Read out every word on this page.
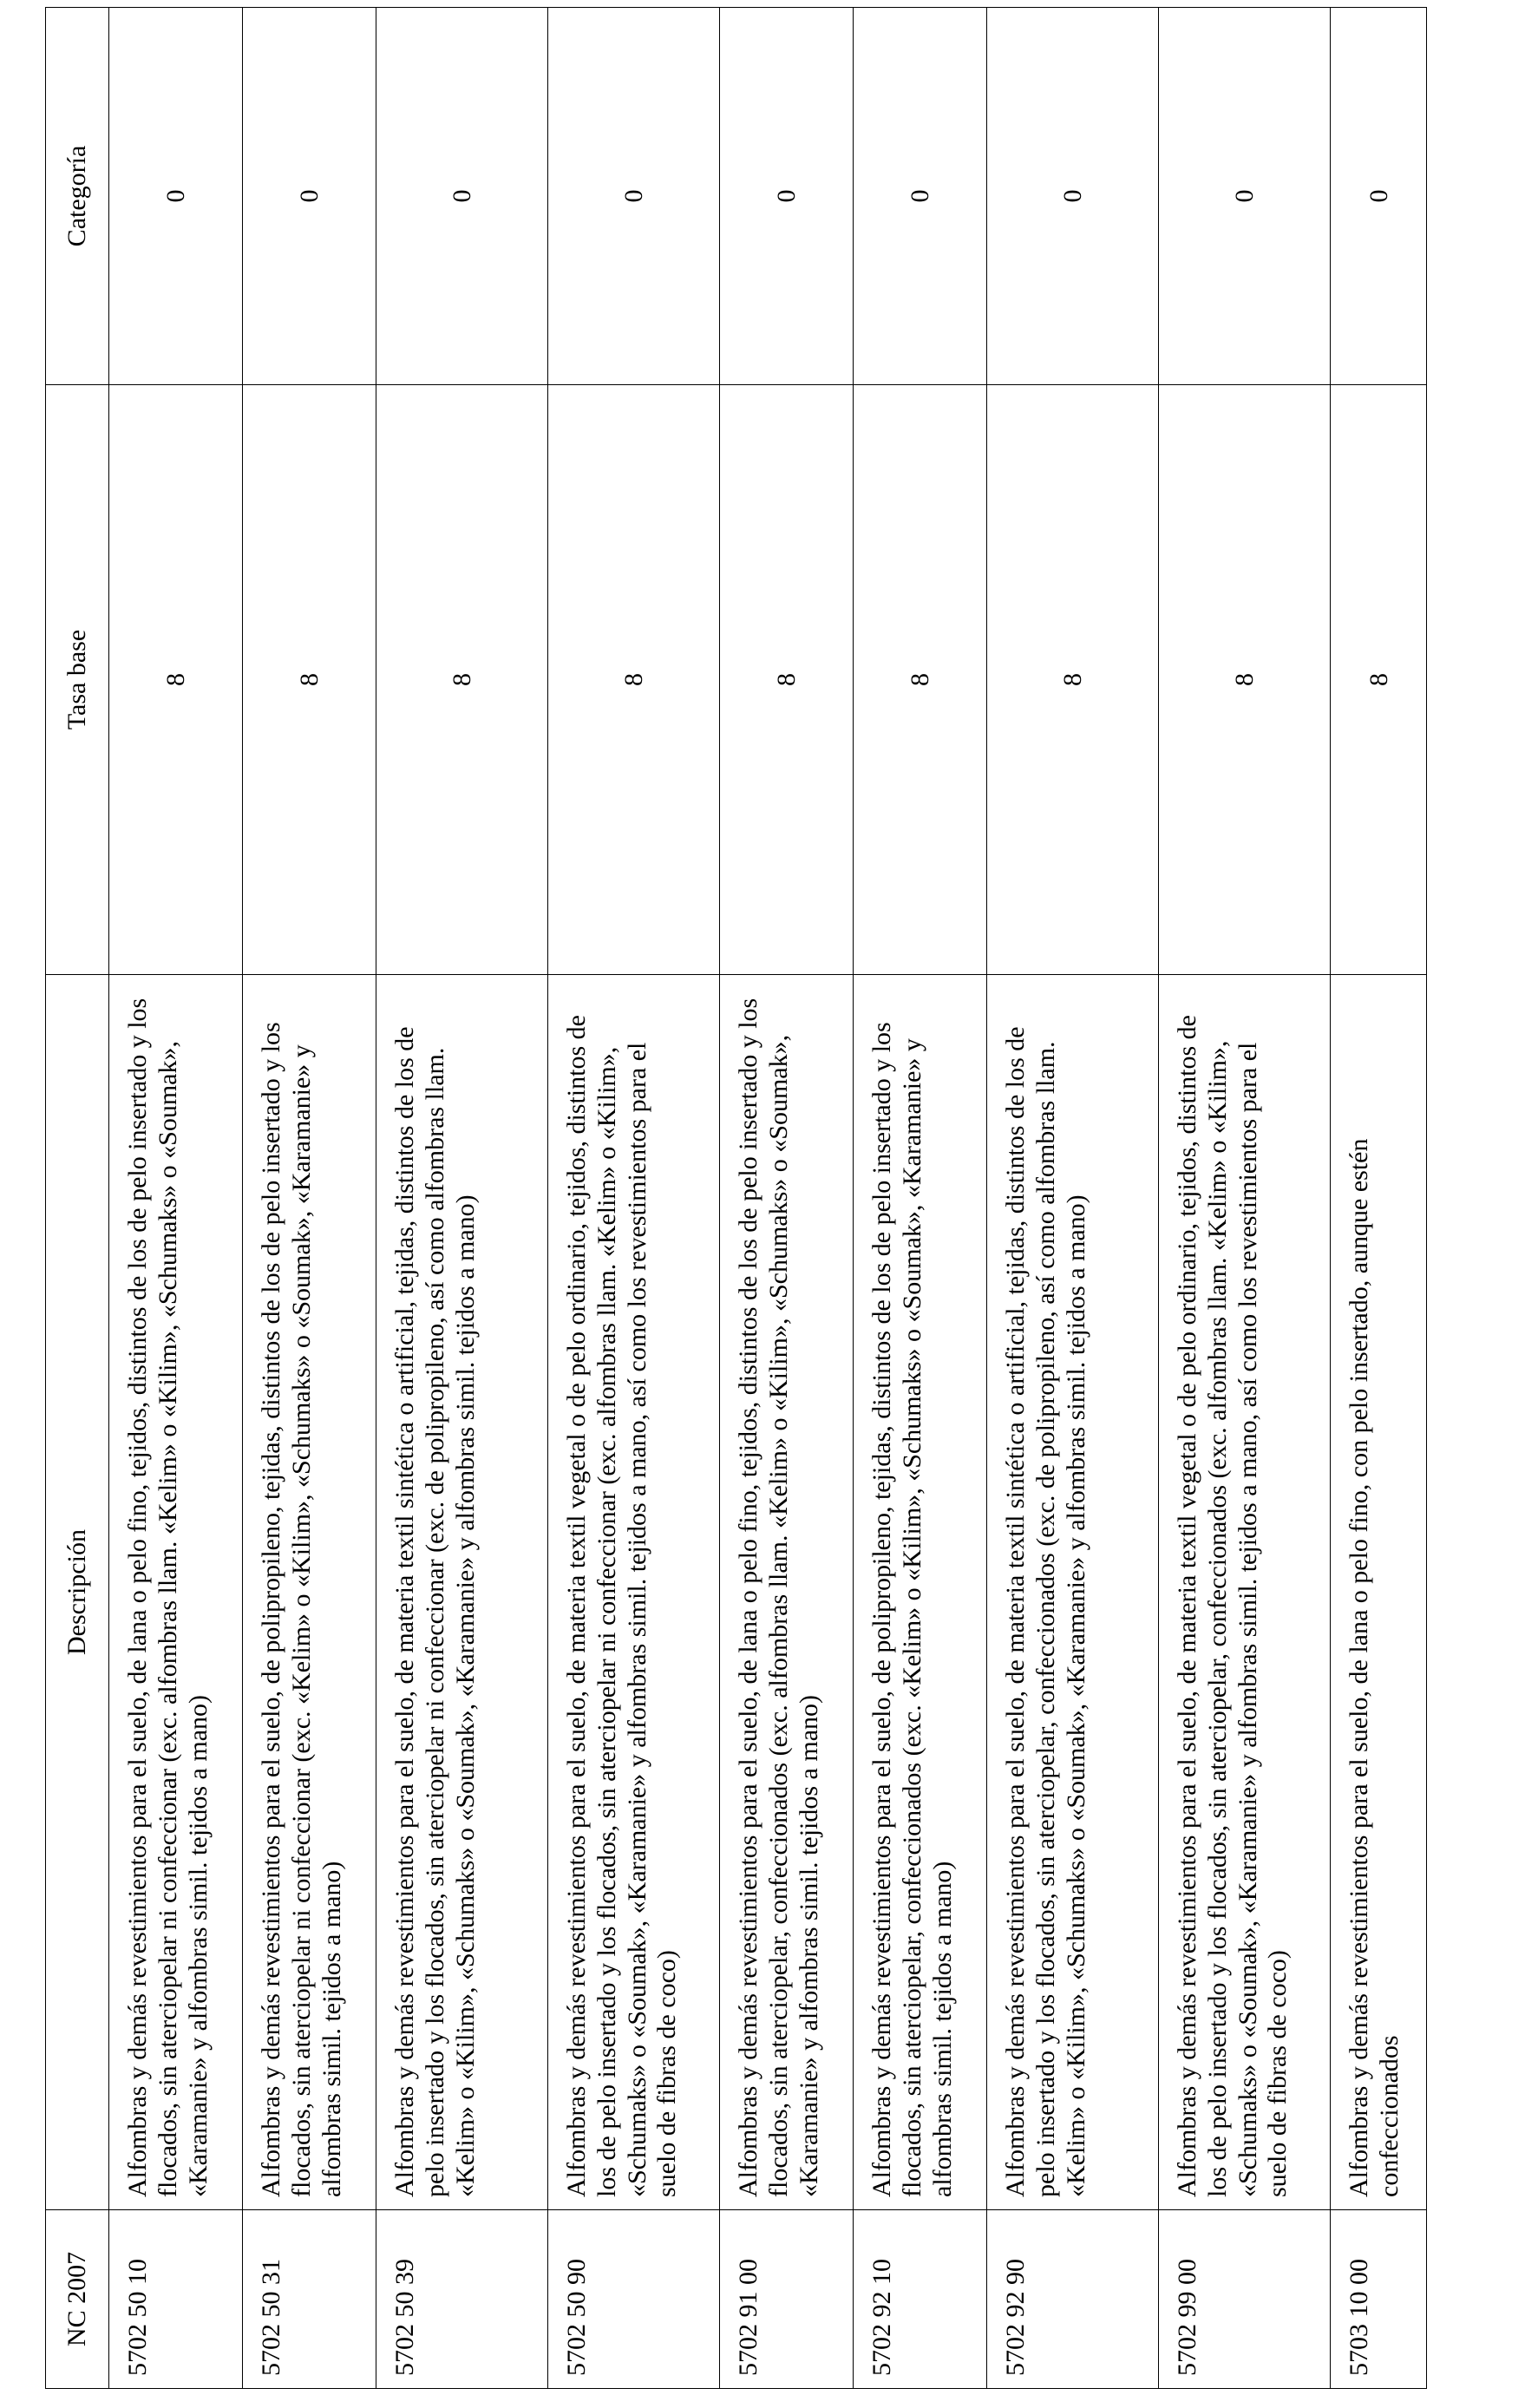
NC 2007	Descripción	Tasa base	Categoría
5702 50 10	Alfombras y demás revestimientos para el suelo, de lana o pelo fino, tejidos, distintos de los de pelo insertado y los flocados, sin aterciopelar ni confeccionar (exc. alfombras llam. «Kelim» o «Kilim», «Schumaks» o «Soumak», «Karamanie» y alfombras simil. tejidos a mano)	8	0
5702 50 31	Alfombras y demás revestimientos para el suelo, de polipropileno, tejidas, distintos de los de pelo insertado y los flocados, sin aterciopelar ni confeccionar (exc. «Kelim» o «Kilim», «Schumaks» o «Soumak», «Karamanie» y alfombras simil. tejidos a mano)	8	0
5702 50 39	Alfombras y demás revestimientos para el suelo, de materia textil sintética o artificial, tejidas, distintos de los de pelo insertado y los flocados, sin aterciopelar ni confeccionar (exc. de polipropileno, así como alfombras llam. «Kelim» o «Kilim», «Schumaks» o «Soumak», «Karamanie» y alfombras simil. tejidos a mano)	8	0
5702 50 90	Alfombras y demás revestimientos para el suelo, de materia textil vegetal o de pelo ordinario, tejidos, distintos de los de pelo insertado y los flocados, sin aterciopelar ni confeccionar (exc. alfombras llam. «Kelim» o «Kilim», «Schumaks» o «Soumak», «Karamanie» y alfombras simil. tejidos a mano, así como los revestimientos para el suelo de fibras de coco)	8	0
5702 91 00	Alfombras y demás revestimientos para el suelo, de lana o pelo fino, tejidos, distintos de los de pelo insertado y los flocados, sin aterciopelar, confeccionados (exc. alfombras llam. «Kelim» o «Kilim», «Schumaks» o «Soumak», «Karamanie» y alfombras simil. tejidos a mano)	8	0
5702 92 10	Alfombras y demás revestimientos para el suelo, de polipropileno, tejidas, distintos de los de pelo insertado y los flocados, sin aterciopelar, confeccionados (exc. «Kelim» o «Kilim», «Schumaks» o «Soumak», «Karamanie» y alfombras simil. tejidos a mano)	8	0
5702 92 90	Alfombras y demás revestimientos para el suelo, de materia textil sintética o artificial, tejidas, distintos de los de pelo insertado y los flocados, sin aterciopelar, confeccionados (exc. de polipropileno, así como alfombras llam. «Kelim» o «Kilim», «Schumaks» o «Soumak», «Karamanie» y alfombras simil. tejidos a mano)	8	0
5702 99 00	Alfombras y demás revestimientos para el suelo, de materia textil vegetal o de pelo ordinario, tejidos, distintos de los de pelo insertado y los flocados, sin aterciopelar, confeccionados (exc. alfombras llam. «Kelim» o «Kilim», «Schumaks» o «Soumak», «Karamanie» y alfombras simil. tejidos a mano, así como los revestimientos para el suelo de fibras de coco)	8	0
5703 10 00	Alfombras y demás revestimientos para el suelo, de lana o pelo fino, con pelo insertado, aunque estén confeccionados	8	0
